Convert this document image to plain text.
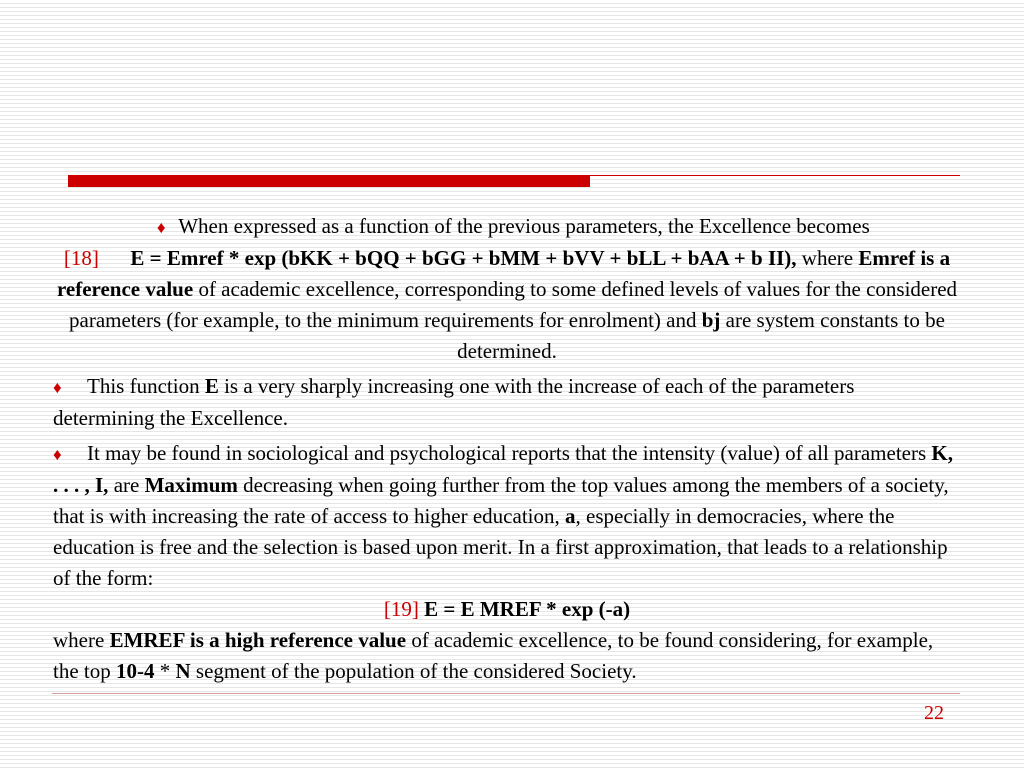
♦ When expressed as a function of the previous parameters, the Excellence becomes
[18] E = Emref * exp (bKK + bQQ + bGG + bMM + bVV + bLL + bAA + b II), where Emref is a reference value of academic excellence, corresponding to some defined levels of values for the considered parameters (for example, to the minimum requirements for enrolment) and bj are system constants to be determined.

♦ This function E is a very sharply increasing one with the increase of each of the parameters determining the Excellence.

♦ It may be found in sociological and psychological reports that the intensity (value) of all parameters K, . . . , I, are Maximum decreasing when going further from the top values among the members of a society, that is with increasing the rate of access to higher education, a, especially in democracies, where the education is free and the selection is based upon merit. In a first approximation, that leads to a relationship of the form:

[19] E = E MREF * exp (-a)

where EMREF is a high reference value of academic excellence, to be found considering, for example, the top 10-4 * N segment of the population of the considered Society.

22
